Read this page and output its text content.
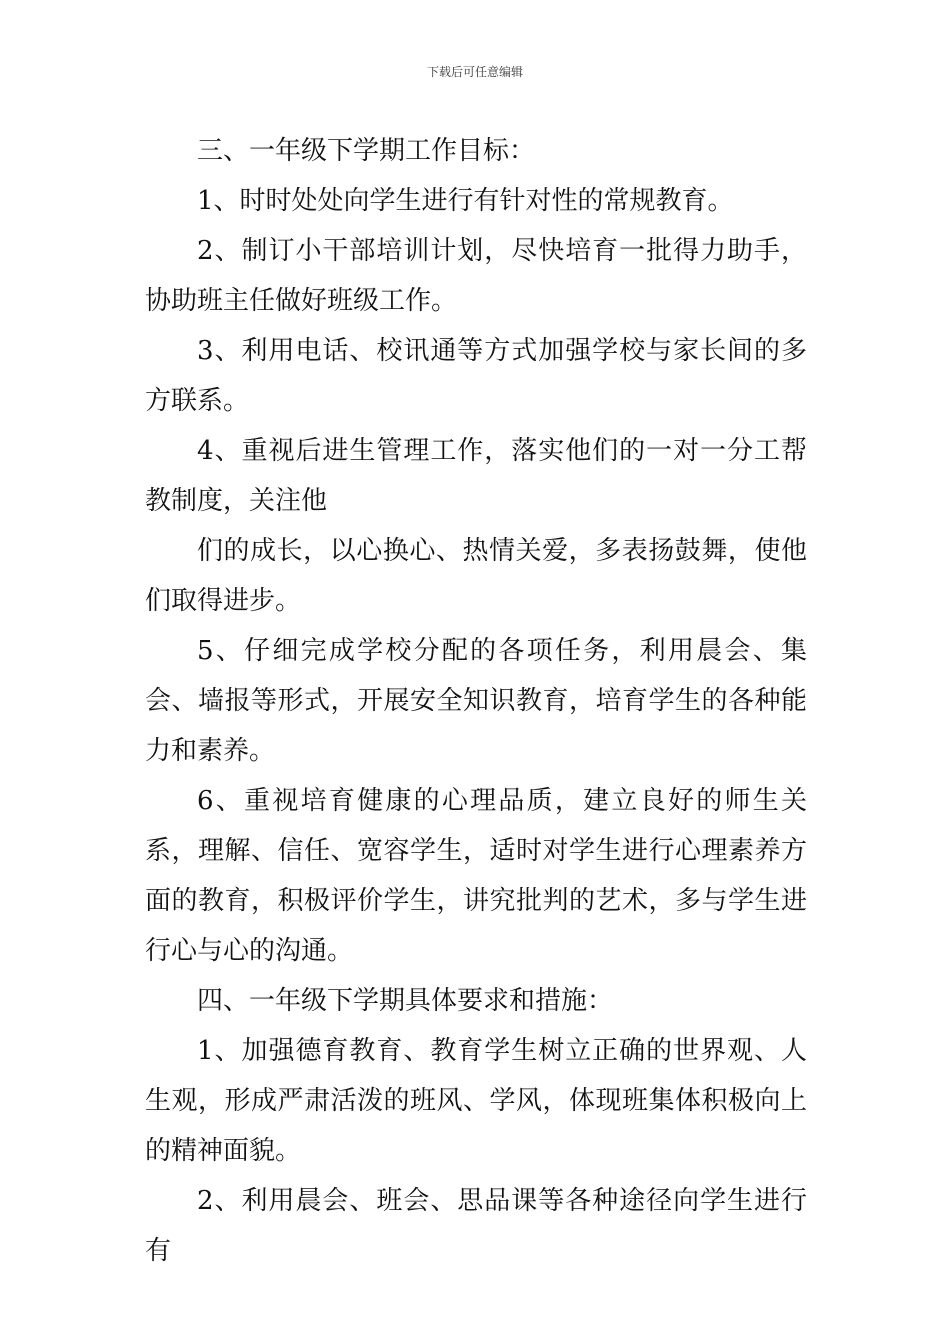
下载后可任意编辑

三、一年级下学期工作目标：

1、时时处处向学生进行有针对性的常规教育。

2、制订小干部培训计划，尽快培育一批得力助手，协助班主任做好班级工作。

3、利用电话、校讯通等方式加强学校与家长间的多方联系。

4、重视后进生管理工作，落实他们的一对一分工帮教制度，关注他

们的成长，以心换心、热情关爱，多表扬鼓舞，使他们取得进步。

5、仔细完成学校分配的各项任务，利用晨会、集会、墙报等形式，开展安全知识教育，培育学生的各种能力和素养。

6、重视培育健康的心理品质，建立良好的师生关系，理解、信任、宽容学生，适时对学生进行心理素养方面的教育，积极评价学生，讲究批判的艺术，多与学生进行心与心的沟通。

四、一年级下学期具体要求和措施：

1、加强德育教育、教育学生树立正确的世界观、人生观，形成严肃活泼的班风、学风，体现班集体积极向上的精神面貌。

2、利用晨会、班会、思品课等各种途径向学生进行有
